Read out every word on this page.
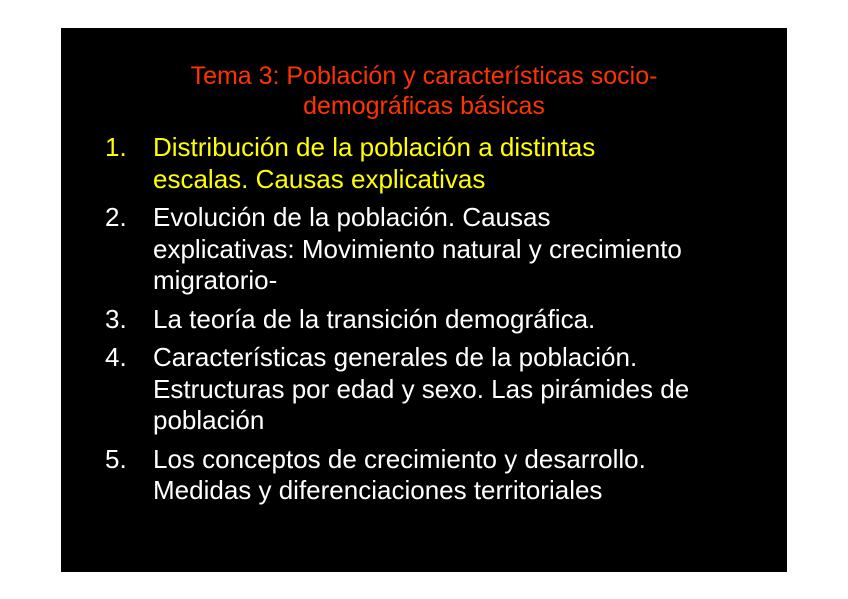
Tema 3: Población y características socio-
demográficas básicas
1. Distribución de la población a distintas
escalas. Causas explicativas
2. Evolución de la población. Causas
explicativas: Movimiento natural y crecimiento
migratorio-
3. La teoría de la transición demográfica.
4. Características generales de la población.
Estructuras por edad y sexo. Las pirámides de
población
5. Los conceptos de crecimiento y desarrollo.
Medidas y diferenciaciones territoriales
